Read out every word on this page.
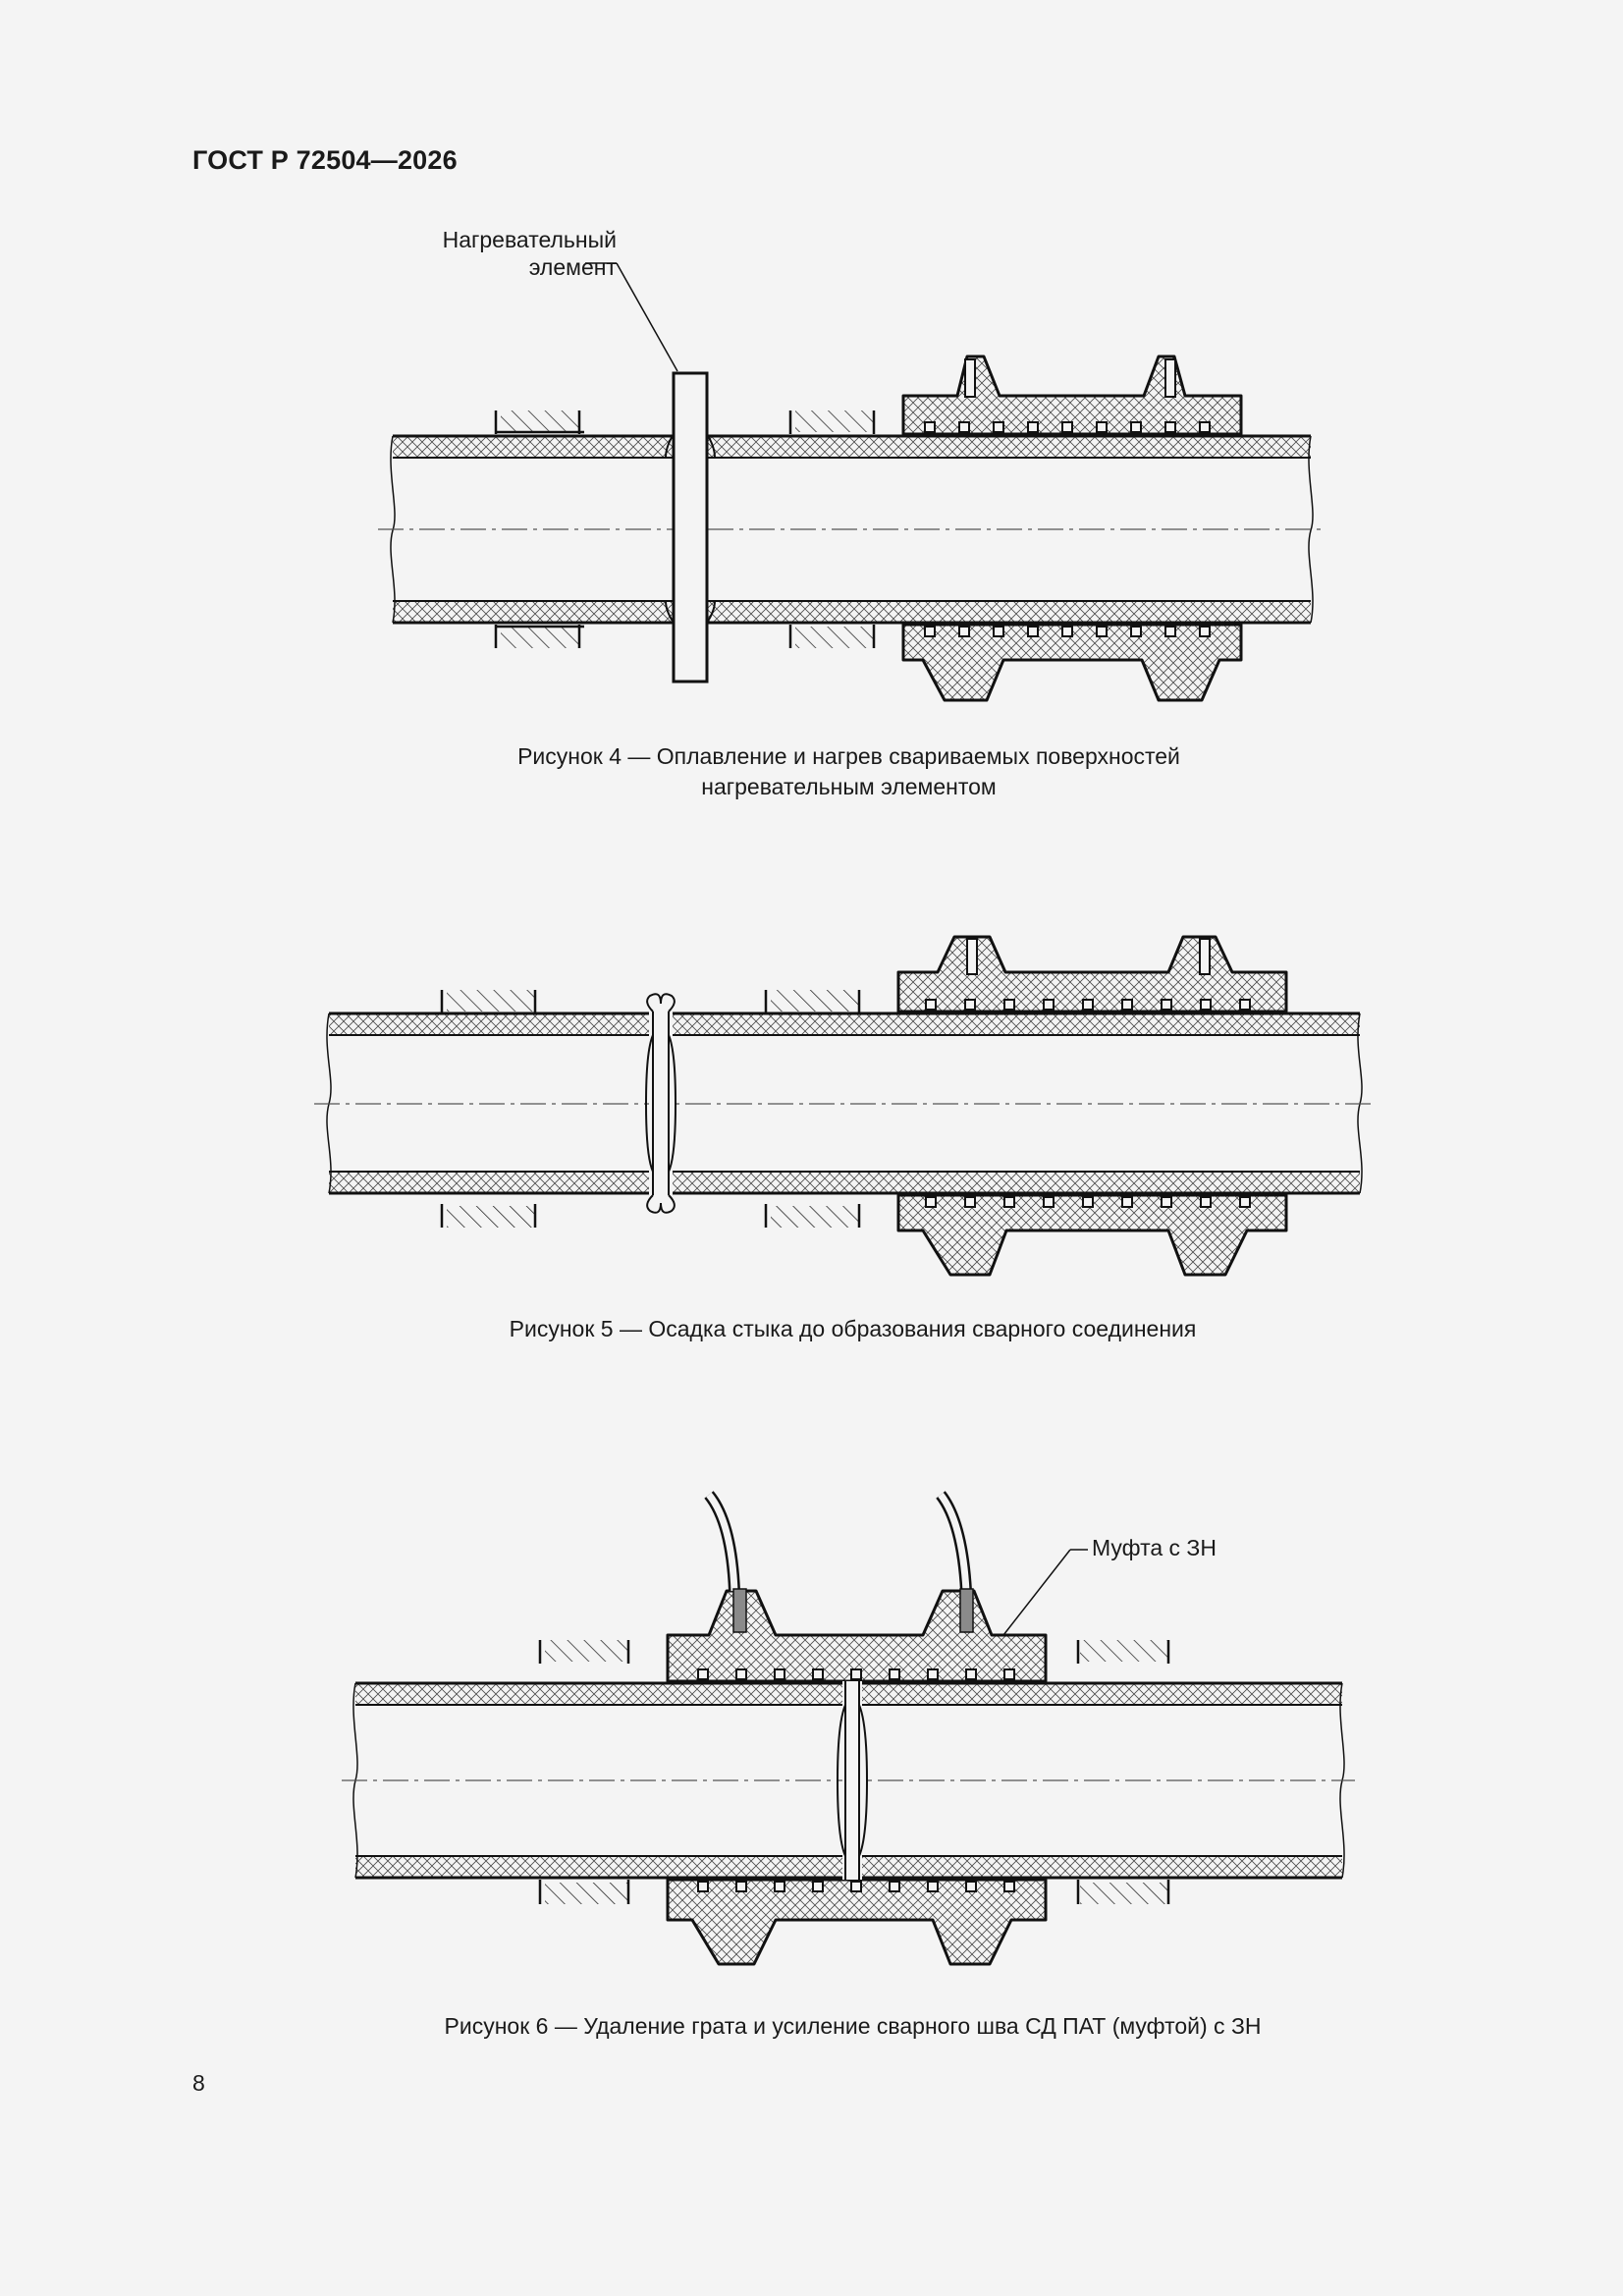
ГОСТ Р 72504—2026
Нагревательный
элемент
Рисунок 4 — Оплавление и нагрев свариваемых поверхностей
нагревательным элементом
Рисунок 5 — Осадка стыка до образования сварного соединения
Муфта с ЗН
Рисунок 6 — Удаление грата и усиление сварного шва СД ПАТ (муфтой) с ЗН
8
